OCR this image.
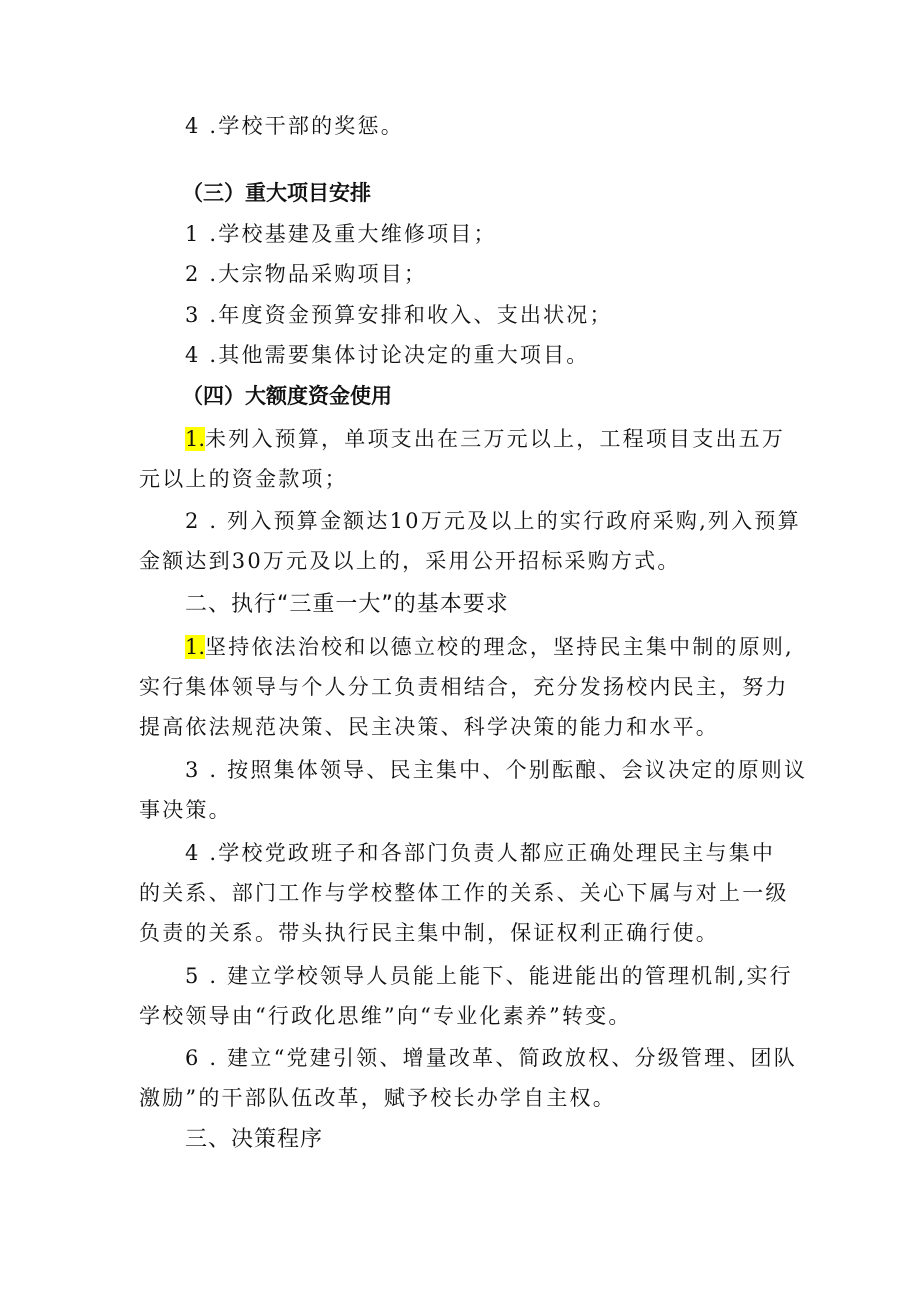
4 .学校干部的奖惩。
（三）重大项目安排
1 .学校基建及重大维修项目；
2 .大宗物品采购项目；
3 .年度资金预算安排和收入、支出状况；
4 .其他需要集体讨论决定的重大项目。
（四）大额度资金使用
1.未列入预算，单项支出在三万元以上，工程项目支出五万
元以上的资金款项；
2 . 列入预算金额达10万元及以上的实行政府采购,列入预算
金额达到30万元及以上的，采用公开招标采购方式。
二、执行“三重一大”的基本要求
1.坚持依法治校和以德立校的理念，坚持民主集中制的原则,
实行集体领导与个人分工负责相结合，充分发扬校内民主，努力
提高依法规范决策、民主决策、科学决策的能力和水平。
3 . 按照集体领导、民主集中、个别酝酿、会议决定的原则议
事决策。
4 .学校党政班子和各部门负责人都应正确处理民主与集中
的关系、部门工作与学校整体工作的关系、关心下属与对上一级
负责的关系。带头执行民主集中制，保证权利正确行使。
5 . 建立学校领导人员能上能下、能进能出的管理机制,实行
学校领导由“行政化思维”向“专业化素养”转变。
6 . 建立“党建引领、增量改革、简政放权、分级管理、团队
激励”的干部队伍改革，赋予校长办学自主权。
三、决策程序
